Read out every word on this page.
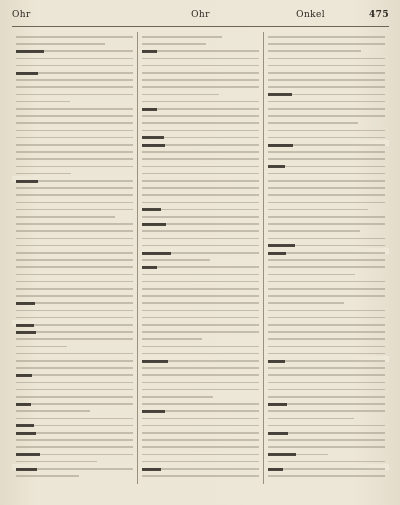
Ohr	Ohr	Onkel	475
